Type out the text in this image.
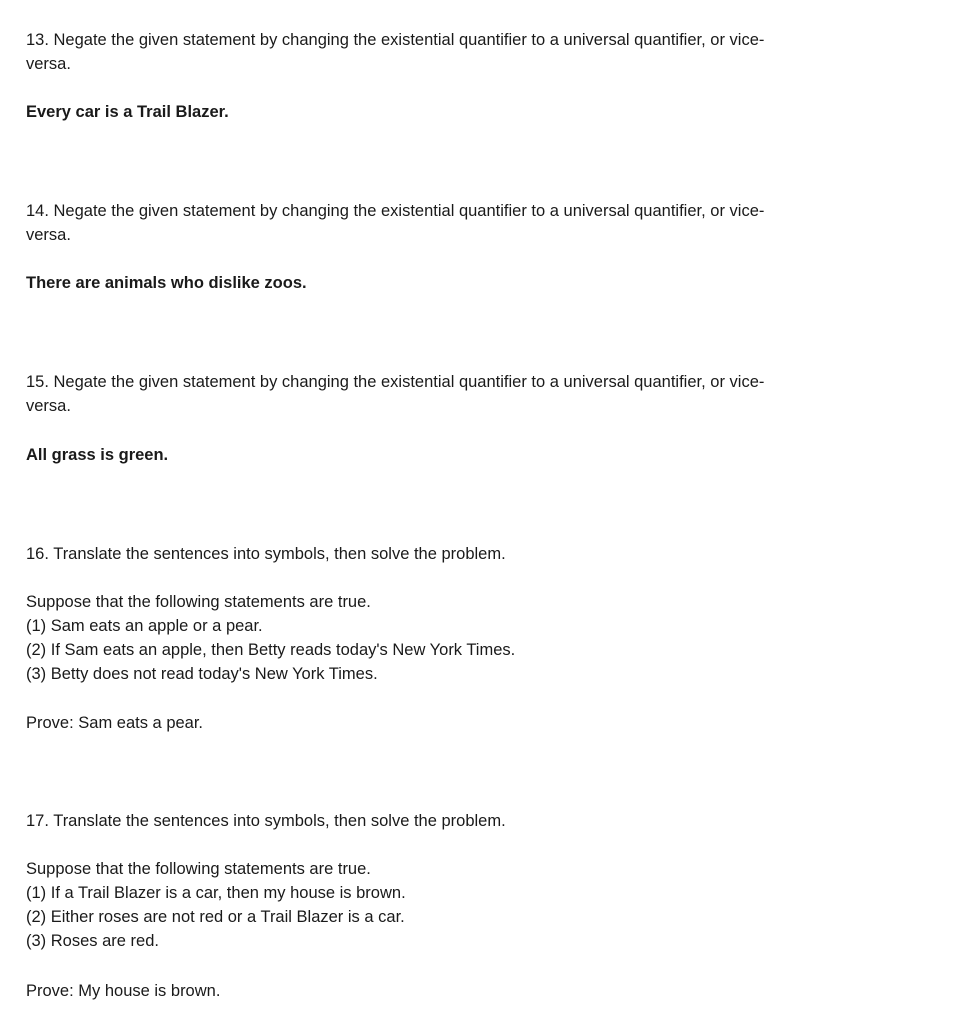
13. Negate the given statement by changing the existential quantifier to a universal quantifier, or vice-
versa.
Every car is a Trail Blazer.
14. Negate the given statement by changing the existential quantifier to a universal quantifier, or vice-
versa.
There are animals who dislike zoos.
15. Negate the given statement by changing the existential quantifier to a universal quantifier, or vice-
versa.
All grass is green.
16. Translate the sentences into symbols, then solve the problem.
Suppose that the following statements are true.
(1) Sam eats an apple or a pear.
(2) If Sam eats an apple, then Betty reads today's New York Times.
(3) Betty does not read today's New York Times.
Prove: Sam eats a pear.
17. Translate the sentences into symbols, then solve the problem.
Suppose that the following statements are true.
(1) If a Trail Blazer is a car, then my house is brown.
(2) Either roses are not red or a Trail Blazer is a car.
(3) Roses are red.
Prove: My house is brown.
